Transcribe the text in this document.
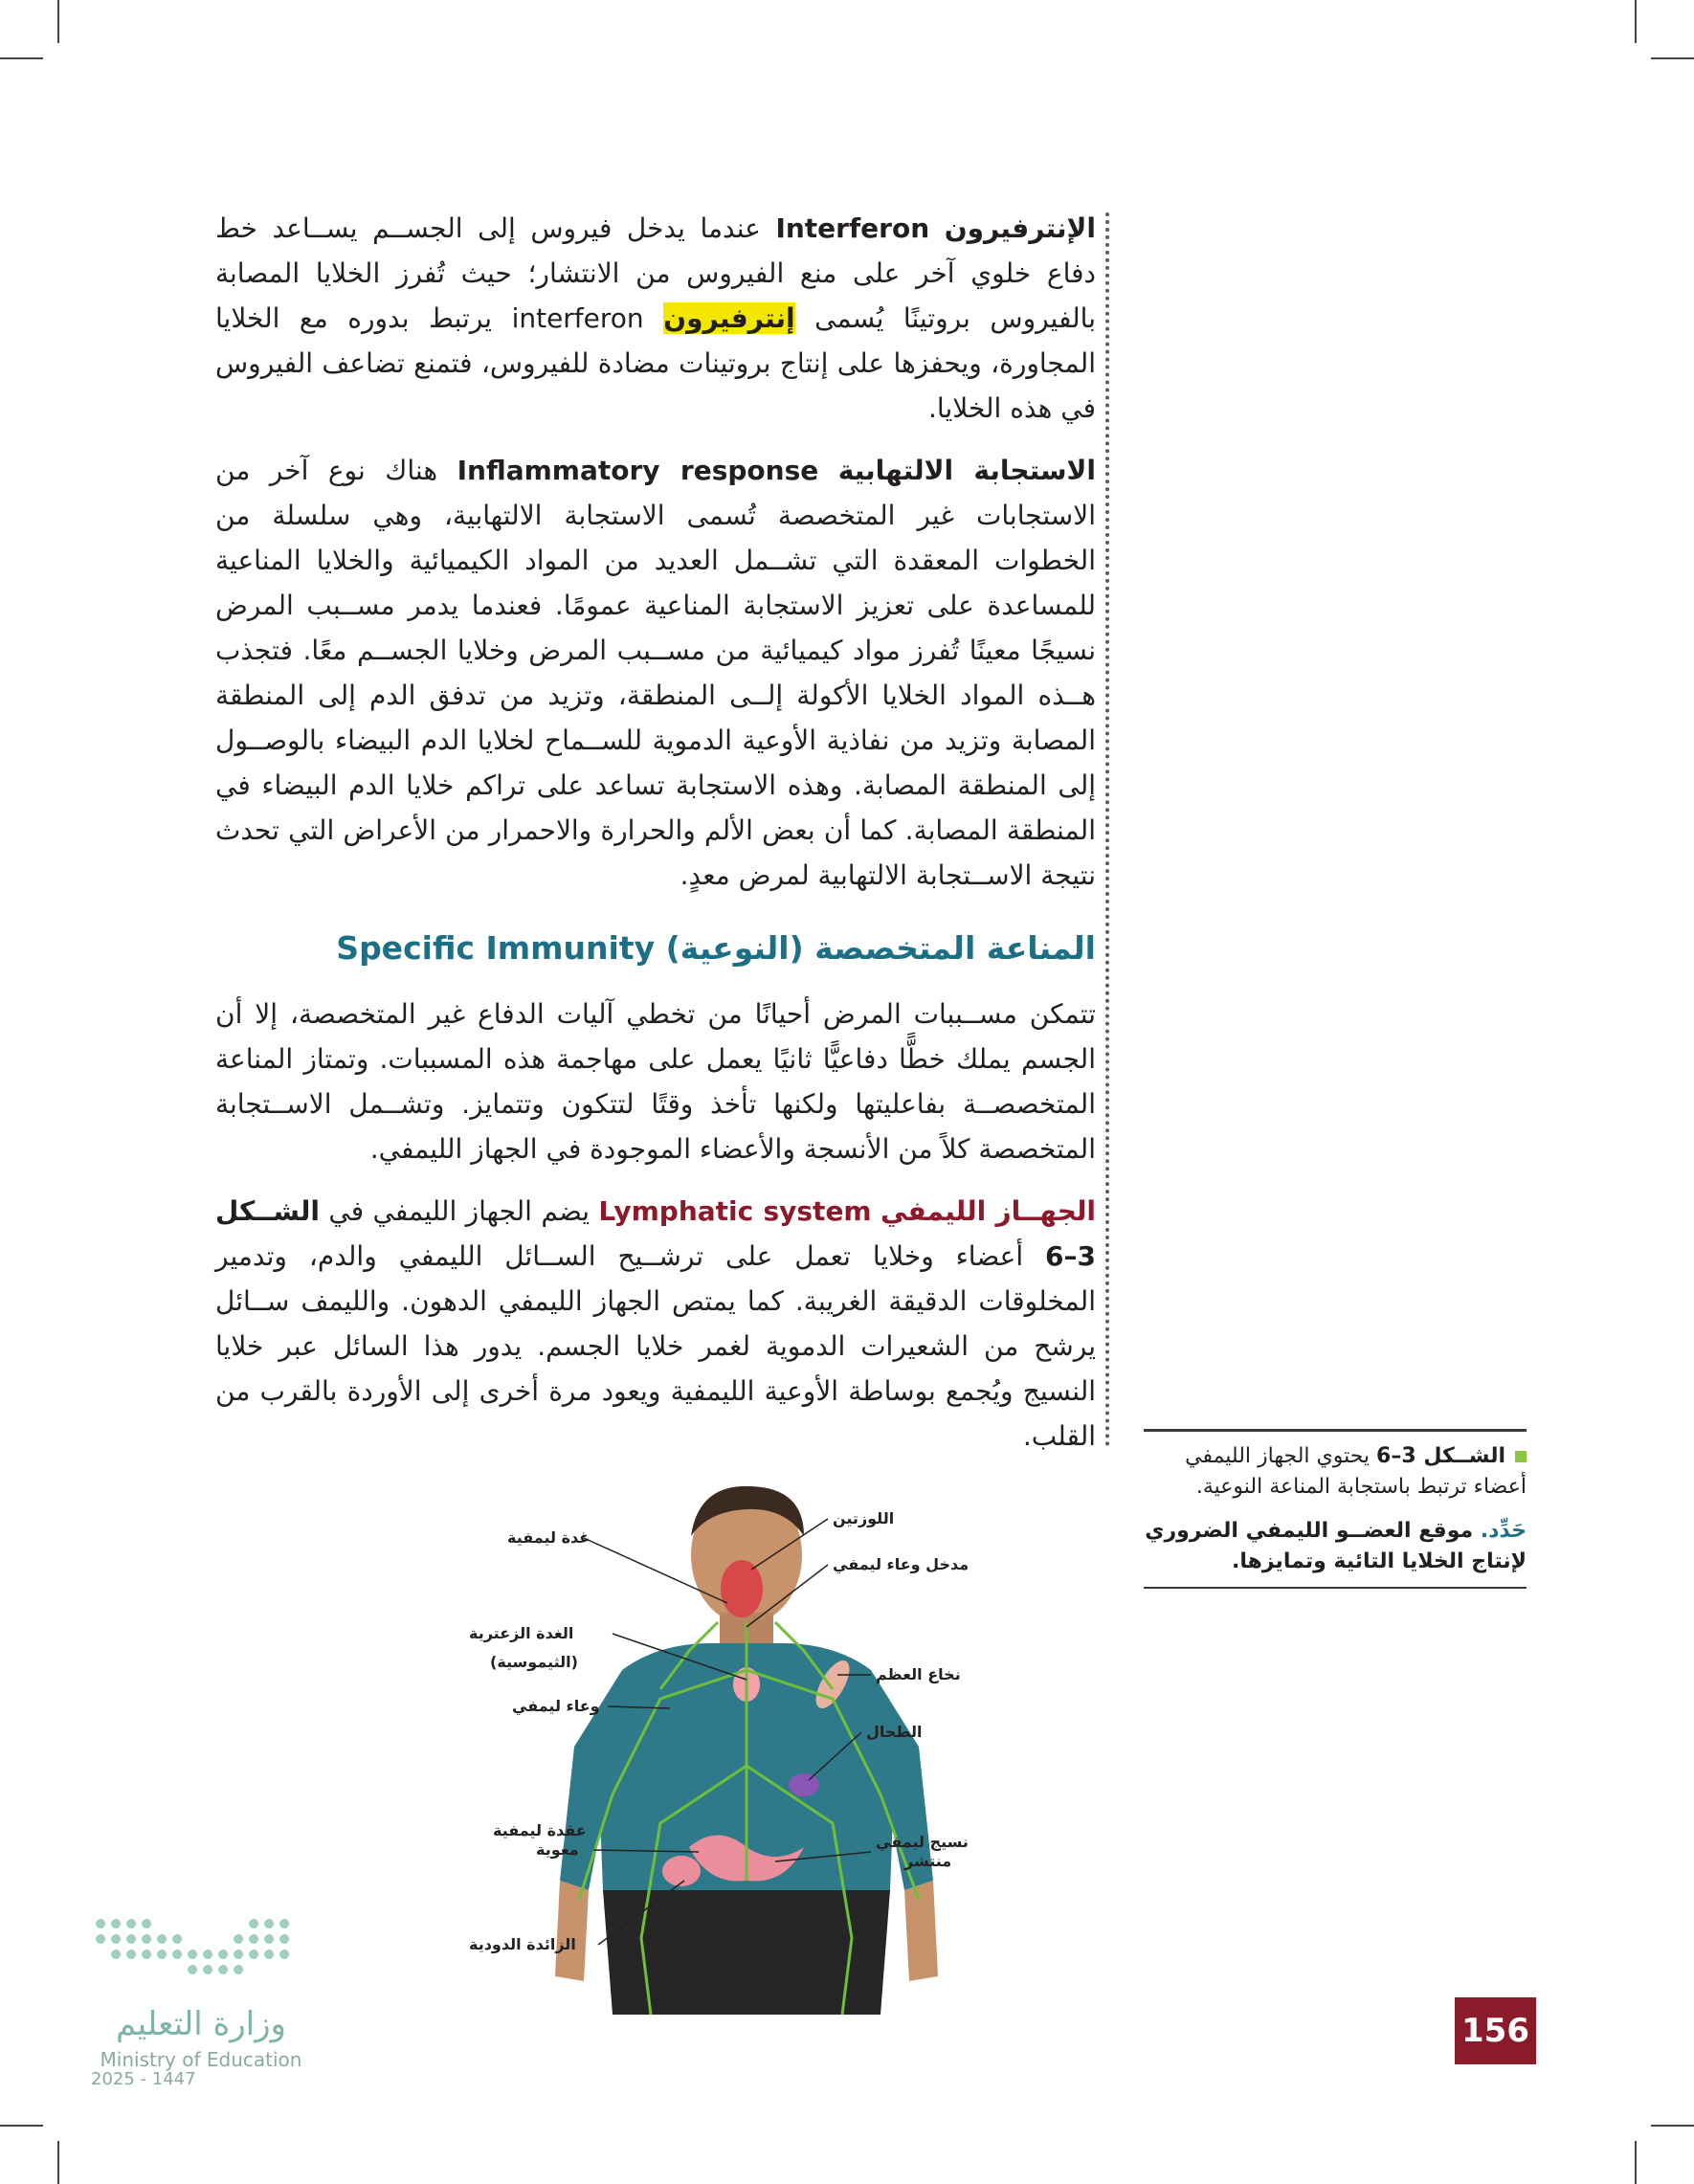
الإنترفيرون Interferon عندما يدخل فيروس إلى الجســم يســاعد خط دفاع خلوي آخر على منع الفيروس من الانتشار؛ حيث تُفرز الخلايا المصابة بالفيروس بروتينًا يُسمى إنترفيرون interferon يرتبط بدوره مع الخلايا المجاورة، ويحفزها على إنتاج بروتينات مضادة للفيروس، فتمنع تضاعف الفيروس في هذه الخلايا.

الاستجابة الالتهابية Inflammatory response هناك نوع آخر من الاستجابات غير المتخصصة تُسمى الاستجابة الالتهابية، وهي سلسلة من الخطوات المعقدة التي تشــمل العديد من المواد الكيميائية والخلايا المناعية للمساعدة على تعزيز الاستجابة المناعية عمومًا. فعندما يدمر مســبب المرض نسيجًا معينًا تُفرز مواد كيميائية من مســبب المرض وخلايا الجســم معًا. فتجذب هــذه المواد الخلايا الأكولة إلــى المنطقة، وتزيد من تدفق الدم إلى المنطقة المصابة وتزيد من نفاذية الأوعية الدموية للســماح لخلايا الدم البيضاء بالوصــول إلى المنطقة المصابة. وهذه الاستجابة تساعد على تراكم خلايا الدم البيضاء في المنطقة المصابة. كما أن بعض الألم والحرارة والاحمرار من الأعراض التي تحدث نتيجة الاســتجابة الالتهابية لمرض معدٍ.

المناعة المتخصصة (النوعية) Specific Immunity

تتمكن مســببات المرض أحيانًا من تخطي آليات الدفاع غير المتخصصة، إلا أن الجسم يملك خطًّا دفاعيًّا ثانيًا يعمل على مهاجمة هذه المسببات. وتمتاز المناعة المتخصصــة بفاعليتها ولكنها تأخذ وقتًا لتتكون وتتمايز. وتشــمل الاســتجابة المتخصصة كلاً من الأنسجة والأعضاء الموجودة في الجهاز الليمفي.

الجهــاز الليمفي Lymphatic system يضم الجهاز الليمفي في الشــكل 3–6 أعضاء وخلايا تعمل على ترشــيح الســائل الليمفي والدم، وتدمير المخلوقات الدقيقة الغريبة. كما يمتص الجهاز الليمفي الدهون. والليمف ســائل يرشح من الشعيرات الدموية لغمر خلايا الجسم. يدور هذا السائل عبر خلايا النسيج ويُجمع بوساطة الأوعية الليمفية ويعود مرة أخرى إلى الأوردة بالقرب من القلب.

الشــكل 3–6 يحتوي الجهاز الليمفي أعضاء ترتبط باستجابة المناعة النوعية.
حَدِّد. موقع العضــو الليمفي الضروري لإنتاج الخلايا التائية وتمايزها.
اللوزتين
غدة ليمفية
مدخل وعاء ليمفي
الغدة الزعترية
(الثيموسية)
نخاع العظم
وعاء ليمفي
الطحال
عقدة ليمفية
معوية	نسيج ليمفي
منتشر
الزائدة الدودية
وزارة التعليم
Ministry of Education
2025 - 1447
156
